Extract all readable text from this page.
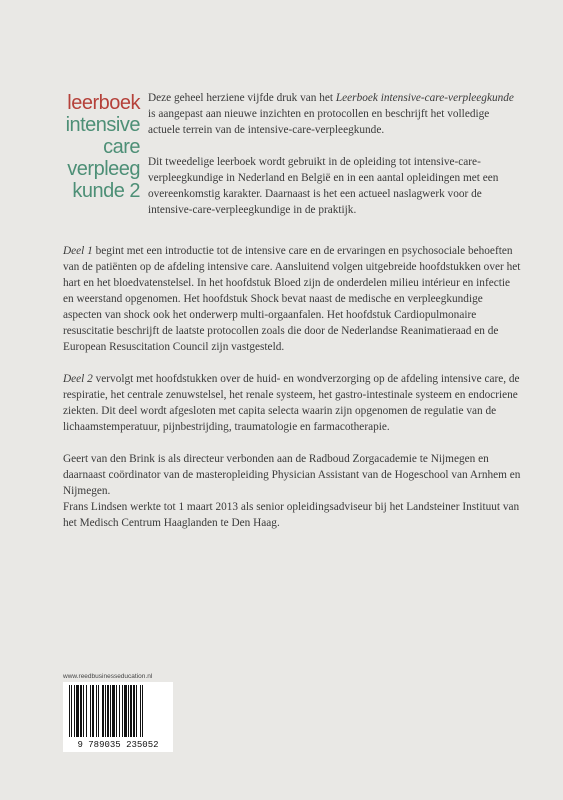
leerboek
intensive
care
verpleeg
kunde 2

Deze geheel herziene vijfde druk van het Leerboek intensive-care-verpleegkunde is aangepast aan nieuwe inzichten en protocollen en beschrijft het volledige actuele terrein van de intensive-care-verpleegkunde.

Dit tweedelige leerboek wordt gebruikt in de opleiding tot intensive-care-verpleegkundige in Nederland en België en in een aantal opleidingen met een overeenkomstig karakter. Daarnaast is het een actueel naslagwerk voor de intensive-care-verpleegkundige in de praktijk.

Deel 1 begint met een introductie tot de intensive care en de ervaringen en psychosociale behoeften van de patiënten op de afdeling intensive care. Aansluitend volgen uitgebreide hoofdstukken over het hart en het bloedvatenstelsel. In het hoofdstuk Bloed zijn de onderdelen milieu intérieur en infectie en weerstand opgenomen. Het hoofdstuk Shock bevat naast de medische en verpleegkundige aspecten van shock ook het onderwerp multi-orgaanfalen. Het hoofdstuk Cardiopulmonaire resuscitatie beschrijft de laatste protocollen zoals die door de Nederlandse Reanimatieraad en de European Resuscitation Council zijn vastgesteld.

Deel 2 vervolgt met hoofdstukken over de huid- en wondverzorging op de afdeling intensive care, de respiratie, het centrale zenuwstelsel, het renale systeem, het gastro-intestinale systeem en endocriene ziekten. Dit deel wordt afgesloten met capita selecta waarin zijn opgenomen de regulatie van de lichaamstemperatuur, pijnbestrijding, traumatologie en farmacotherapie.

Geert van den Brink is als directeur verbonden aan de Radboud Zorgacademie te Nijmegen en daarnaast coördinator van de masteropleiding Physician Assistant van de Hogeschool van Arnhem en Nijmegen.

Frans Lindsen werkte tot 1 maart 2013 als senior opleidingsadviseur bij het Landsteiner Instituut van het Medisch Centrum Haaglanden te Den Haag.

www.reedbusinesseducation.nl
9 789035 235052
